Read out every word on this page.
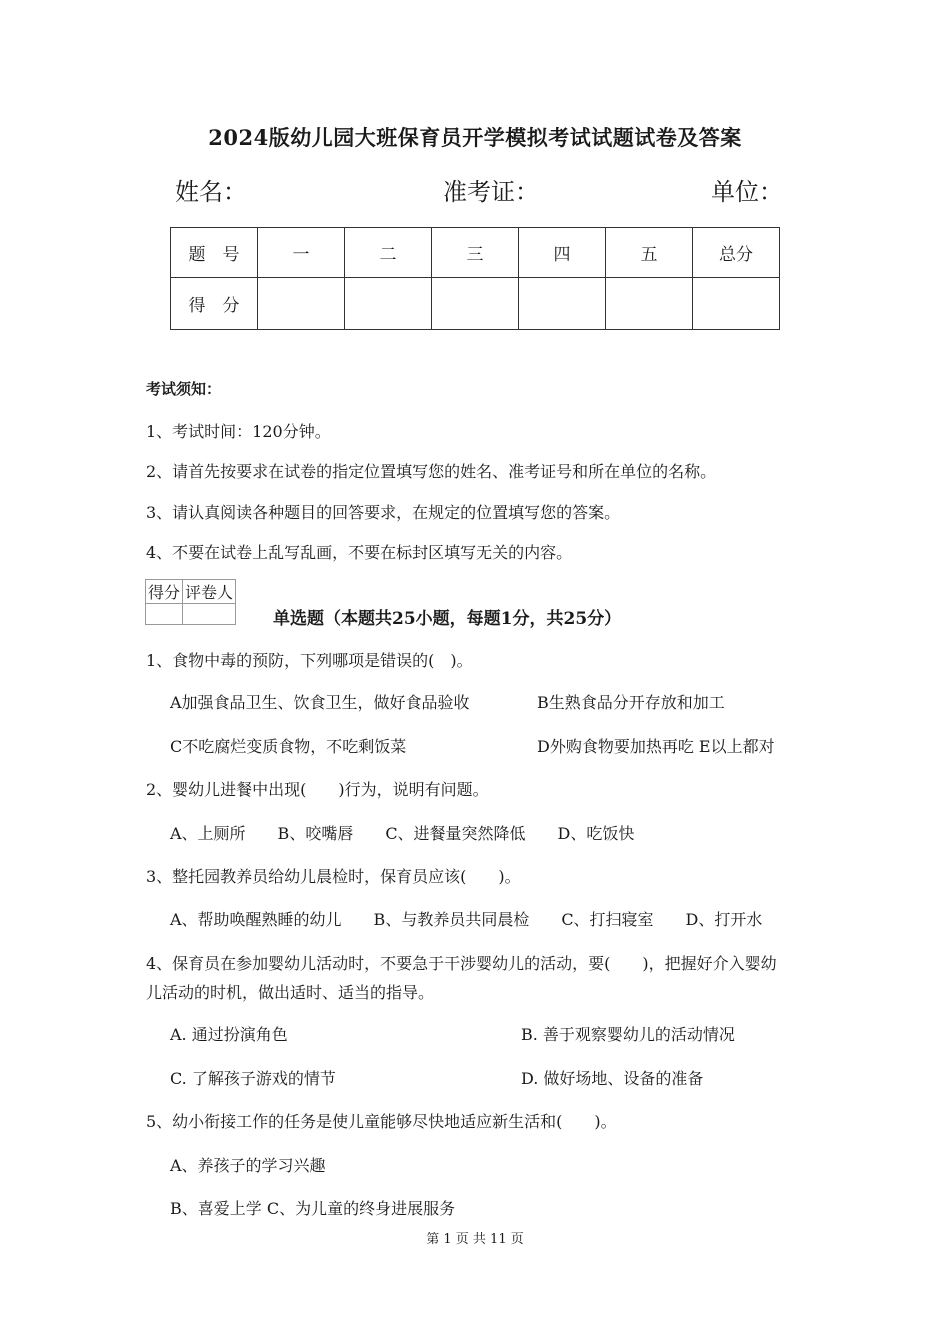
2024版幼儿园大班保育员开学模拟考试试题试卷及答案
姓名：	准考证：	单位：
题　号	一	二	三	四	五	总分
得　分						
考试须知：
1、考试时间：120分钟。
2、请首先按要求在试卷的指定位置填写您的姓名、准考证号和所在单位的名称。
3、请认真阅读各种题目的回答要求，在规定的位置填写您的答案。
4、不要在试卷上乱写乱画，不要在标封区填写无关的内容。
得分	评卷人

单选题（本题共25小题，每题1分，共25分）
1、食物中毒的预防，下列哪项是错误的(　)。
A加强食品卫生、饮食卫生，做好食品验收	B生熟食品分开存放和加工
C不吃腐烂变质食物，不吃剩饭菜	D外购食物要加热再吃 E以上都对
2、婴幼儿进餐中出现(　　)行为，说明有问题。
A、上厕所　　B、咬嘴唇　　C、进餐量突然降低　　D、吃饭快
3、整托园教养员给幼儿晨检时，保育员应该(　　)。
A、帮助唤醒熟睡的幼儿　　B、与教养员共同晨检　　C、打扫寝室　　D、打开水
4、保育员在参加婴幼儿活动时，不要急于干涉婴幼儿的活动，要(　　)，把握好介入婴幼
儿活动的时机，做出适时、适当的指导。
A. 通过扮演角色	B. 善于观察婴幼儿的活动情况
C. 了解孩子游戏的情节	D. 做好场地、设备的准备
5、幼小衔接工作的任务是使儿童能够尽快地适应新生活和(　　)。
A、养孩子的学习兴趣
B、喜爱上学 C、为儿童的终身进展服务
第 1 页 共 11 页
